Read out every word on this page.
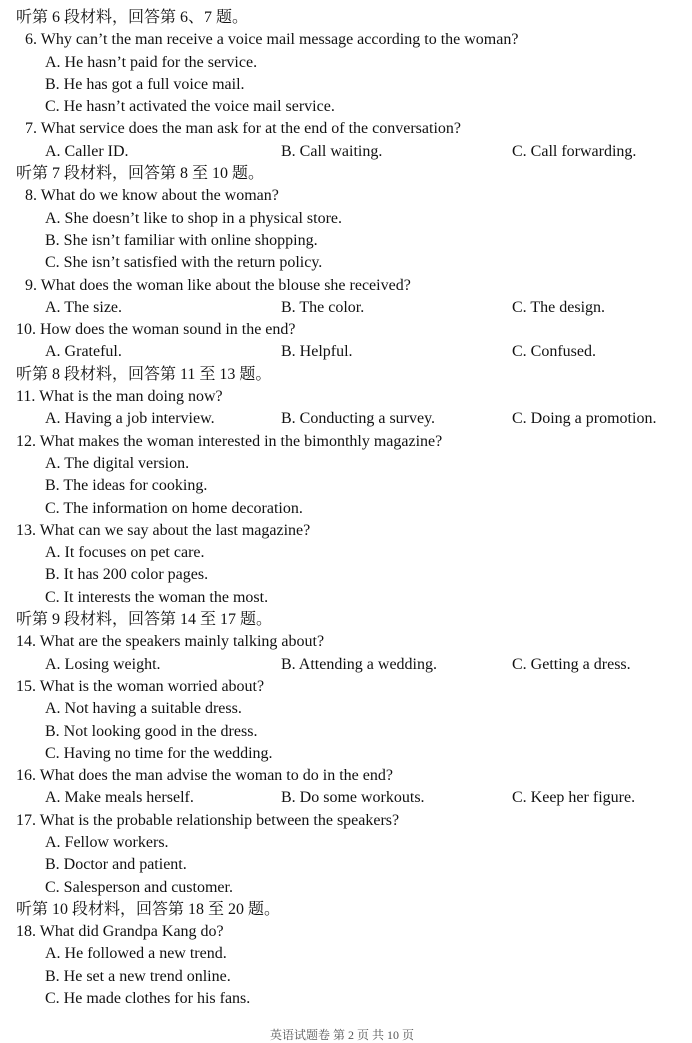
听第 6 段材料，回答第 6、7 题。
6. Why can’t the man receive a voice mail message according to the woman?
A. He hasn’t paid for the service.
B. He has got a full voice mail.
C. He hasn’t activated the voice mail service.
7. What service does the man ask for at the end of the conversation?
A. Caller ID.	B. Call waiting.	C. Call forwarding.
听第 7 段材料，回答第 8 至 10 题。
8. What do we know about the woman?
A. She doesn’t like to shop in a physical store.
B. She isn’t familiar with online shopping.
C. She isn’t satisfied with the return policy.
9. What does the woman like about the blouse she received?
A. The size.	B. The color.	C. The design.
10. How does the woman sound in the end?
A. Grateful.	B. Helpful.	C. Confused.
听第 8 段材料，回答第 11 至 13 题。
11. What is the man doing now?
A. Having a job interview.	B. Conducting a survey.	C. Doing a promotion.
12. What makes the woman interested in the bimonthly magazine?
A. The digital version.
B. The ideas for cooking.
C. The information on home decoration.
13. What can we say about the last magazine?
A. It focuses on pet care.
B. It has 200 color pages.
C. It interests the woman the most.
听第 9 段材料，回答第 14 至 17 题。
14. What are the speakers mainly talking about?
A. Losing weight.	B. Attending a wedding.	C. Getting a dress.
15. What is the woman worried about?
A. Not having a suitable dress.
B. Not looking good in the dress.
C. Having no time for the wedding.
16. What does the man advise the woman to do in the end?
A. Make meals herself.	B. Do some workouts.	C. Keep her figure.
17. What is the probable relationship between the speakers?
A. Fellow workers.
B. Doctor and patient.
C. Salesperson and customer.
听第 10 段材料，回答第 18 至 20 题。
18. What did Grandpa Kang do?
A. He followed a new trend.
B. He set a new trend online.
C. He made clothes for his fans.
英语试题卷 第 2 页 共 10 页
